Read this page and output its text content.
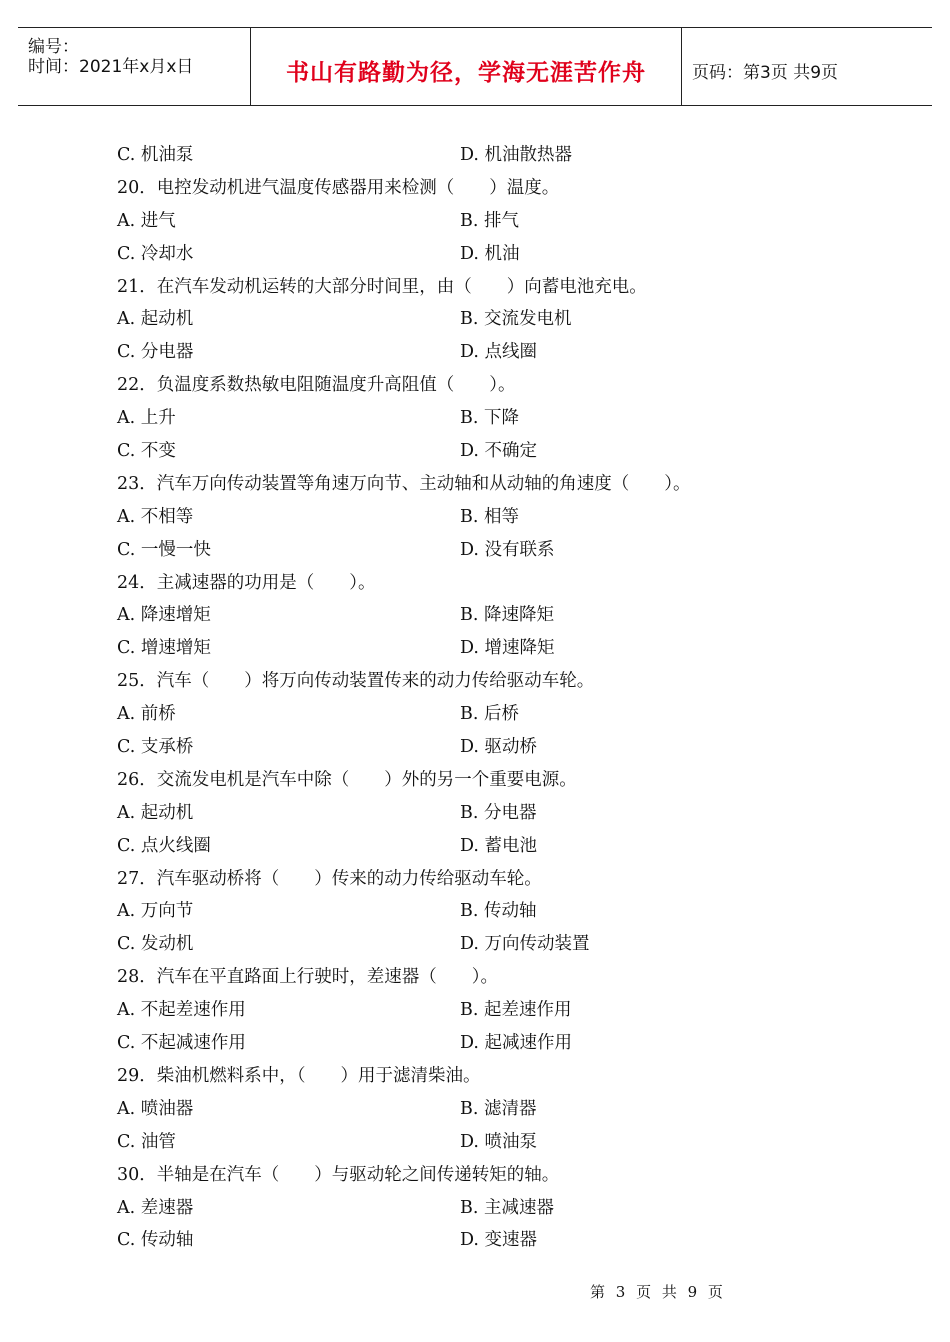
编号：
时间：2021年x月x日	书山有路勤为径，学海无涯苦作舟	页码：第3页 共9页
C. 机油泵	D. 机油散热器
20．电控发动机进气温度传感器用来检测（　　）温度。
A. 进气	B. 排气
C. 冷却水	D. 机油
21．在汽车发动机运转的大部分时间里，由（　　）向蓄电池充电。
A. 起动机	B. 交流发电机
C. 分电器	D. 点线圈
22．负温度系数热敏电阻随温度升高阻值（　　）。
A. 上升	B. 下降
C. 不变	D. 不确定
23．汽车万向传动装置等角速万向节、主动轴和从动轴的角速度（　　）。
A. 不相等	B. 相等
C. 一慢一快	D. 没有联系
24．主减速器的功用是（　　）。
A. 降速增矩	B. 降速降矩
C. 增速增矩	D. 增速降矩
25．汽车（　　）将万向传动装置传来的动力传给驱动车轮。
A. 前桥	B. 后桥
C. 支承桥	D. 驱动桥
26．交流发电机是汽车中除（　　）外的另一个重要电源。
A. 起动机	B. 分电器
C. 点火线圈	D. 蓄电池
27．汽车驱动桥将（　　）传来的动力传给驱动车轮。
A. 万向节	B. 传动轴
C. 发动机	D. 万向传动装置
28．汽车在平直路面上行驶时，差速器（　　）。
A. 不起差速作用	B. 起差速作用
C. 不起减速作用	D. 起减速作用
29．柴油机燃料系中，（　　）用于滤清柴油。
A. 喷油器	B. 滤清器
C. 油管	D. 喷油泵
30．半轴是在汽车（　　）与驱动轮之间传递转矩的轴。
A. 差速器	B. 主减速器
C. 传动轴	D. 变速器
第 3 页 共 9 页
